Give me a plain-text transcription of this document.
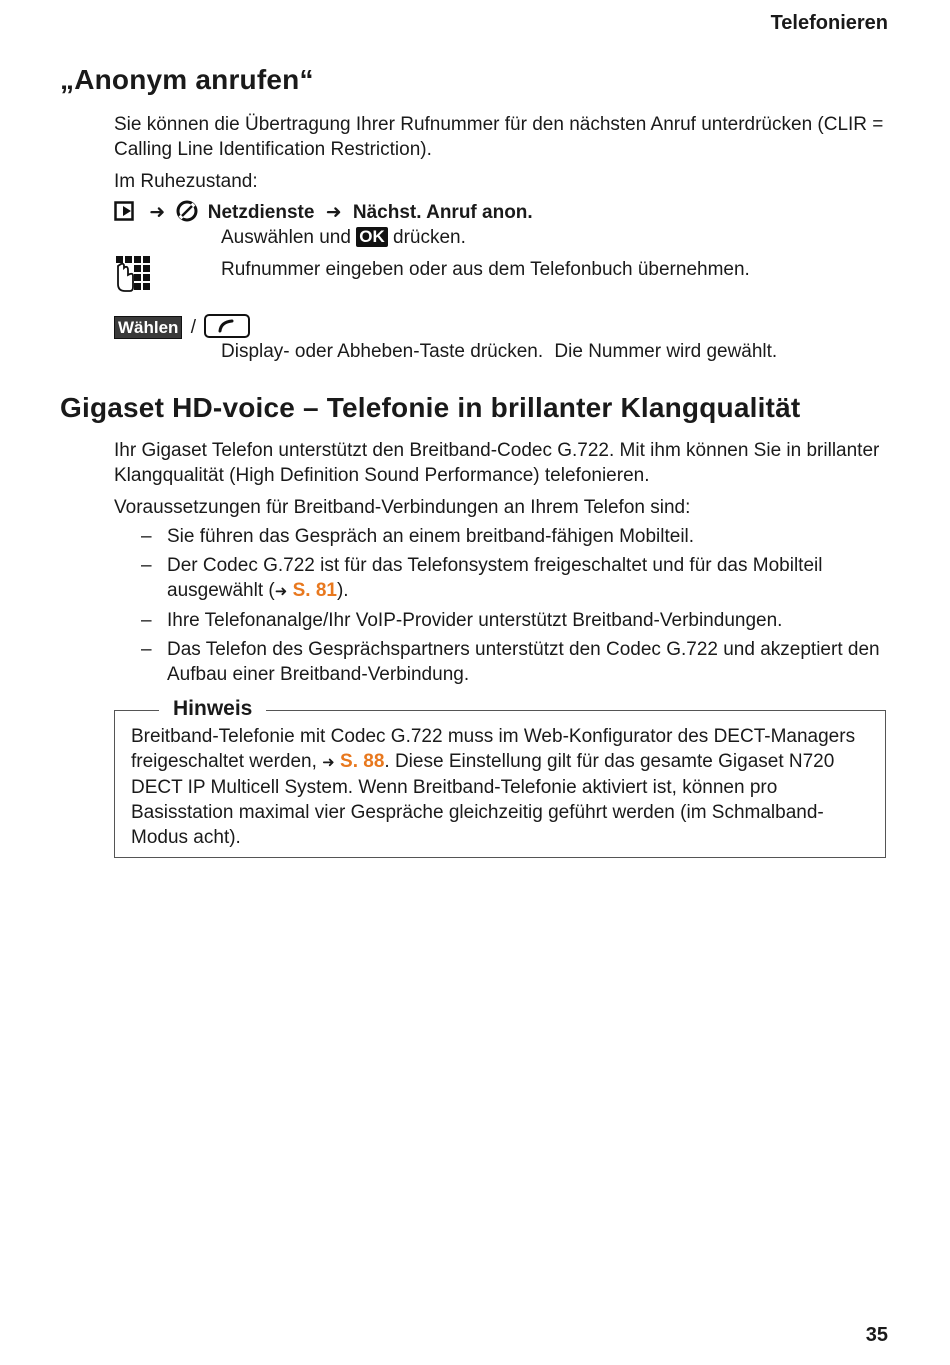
Telefonieren
„Anonym anrufen“
Sie können die Übertragung Ihrer Rufnummer für den nächsten Anruf unterdrücken (CLIR = Calling Line Identification Restriction).
Im Ruhezustand:
➜ Netzdienste ➜ Nächst. Anruf anon.
Auswählen und OK drücken.
Rufnummer eingeben oder aus dem Telefonbuch übernehmen.
Wählen /
Display- oder Abheben-Taste drücken. Die Nummer wird gewählt.
Gigaset HD-voice – Telefonie in brillanter Klangqualität
Ihr Gigaset Telefon unterstützt den Breitband-Codec G.722. Mit ihm können Sie in brillanter Klangqualität (High Definition Sound Performance) telefonieren.
Voraussetzungen für Breitband-Verbindungen an Ihrem Telefon sind:
– Sie führen das Gespräch an einem breitband-fähigen Mobilteil.
– Der Codec G.722 ist für das Telefonsystem freigeschaltet und für das Mobilteil ausgewählt (➜ S. 81).
– Ihre Telefonanalge/Ihr VoIP-Provider unterstützt Breitband-Verbindungen.
– Das Telefon des Gesprächspartners unterstützt den Codec G.722 und akzeptiert den Aufbau einer Breitband-Verbindung.
Hinweis
Breitband-Telefonie mit Codec G.722 muss im Web-Konfigurator des DECT-Managers freigeschaltet werden, ➜ S. 88. Diese Einstellung gilt für das gesamte Gigaset N720 DECT IP Multicell System. Wenn Breitband-Telefonie aktiviert ist, können pro Basisstation maximal vier Gespräche gleichzeitig geführt werden (im Schmalband-Modus acht).
35
